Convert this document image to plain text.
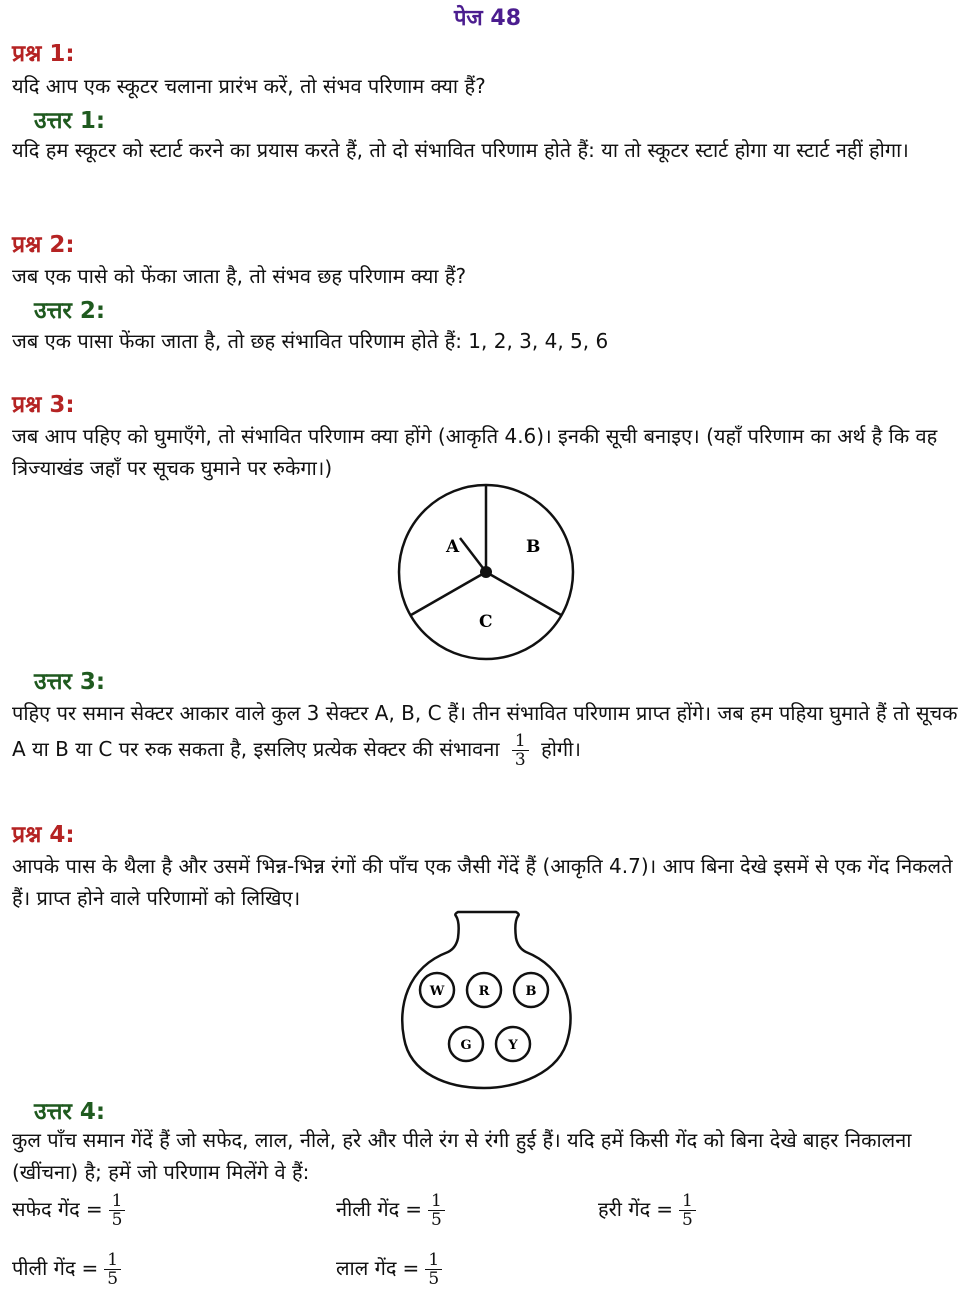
पेज 48
प्रश्न 1:
यदि आप एक स्कूटर चलाना प्रारंभ करें, तो संभव परिणाम क्या हैं?
उत्तर 1:
यदि हम स्कूटर को स्टार्ट करने का प्रयास करते हैं, तो दो संभावित परिणाम होते हैं: या तो स्कूटर स्टार्ट होगा या स्टार्ट नहीं होगा।
प्रश्न 2:
जब एक पासे को फेंका जाता है, तो संभव छह परिणाम क्या हैं?
उत्तर 2:
जब एक पासा फेंका जाता है, तो छह संभावित परिणाम होते हैं: 1, 2, 3, 4, 5, 6
प्रश्न 3:
जब आप पहिए को घुमाएँगे, तो संभावित परिणाम क्या होंगे (आकृति 4.6)। इनकी सूची बनाइए। (यहाँ परिणाम का अर्थ है कि वह त्रिज्याखंड जहाँ पर सूचक घुमाने पर रुकेगा।)
A	B
C
उत्तर 3:
पहिए पर समान सेक्टर आकार वाले कुल 3 सेक्टर A, B, C हैं। तीन संभावित परिणाम प्राप्त होंगे। जब हम पहिया घुमाते हैं तो सूचक A या B या C पर रुक सकता है, इसलिए प्रत्येक सेक्टर की संभावना $\frac{1}{3}$ होगी।
प्रश्न 4:
आपके पास के थैला है और उसमें भिन्न-भिन्न रंगों की पाँच एक जैसी गेंदें हैं (आकृति 4.7)। आप बिना देखे इसमें से एक गेंद निकलते हैं। प्राप्त होने वाले परिणामों को लिखिए।
W	R	B
G	Y
उत्तर 4:
कुल पाँच समान गेंदें हैं जो सफेद, लाल, नीले, हरे और पीले रंग से रंगी हुई हैं। यदि हमें किसी गेंद को बिना देखे बाहर निकालना (खींचना) है; हमें जो परिणाम मिलेंगे वे हैं:
सफेद गेंद = $\frac{1}{5}$	नीली गेंद = $\frac{1}{5}$	हरी गेंद = $\frac{1}{5}$
पीली गेंद = $\frac{1}{5}$	लाल गेंद = $\frac{1}{5}$
